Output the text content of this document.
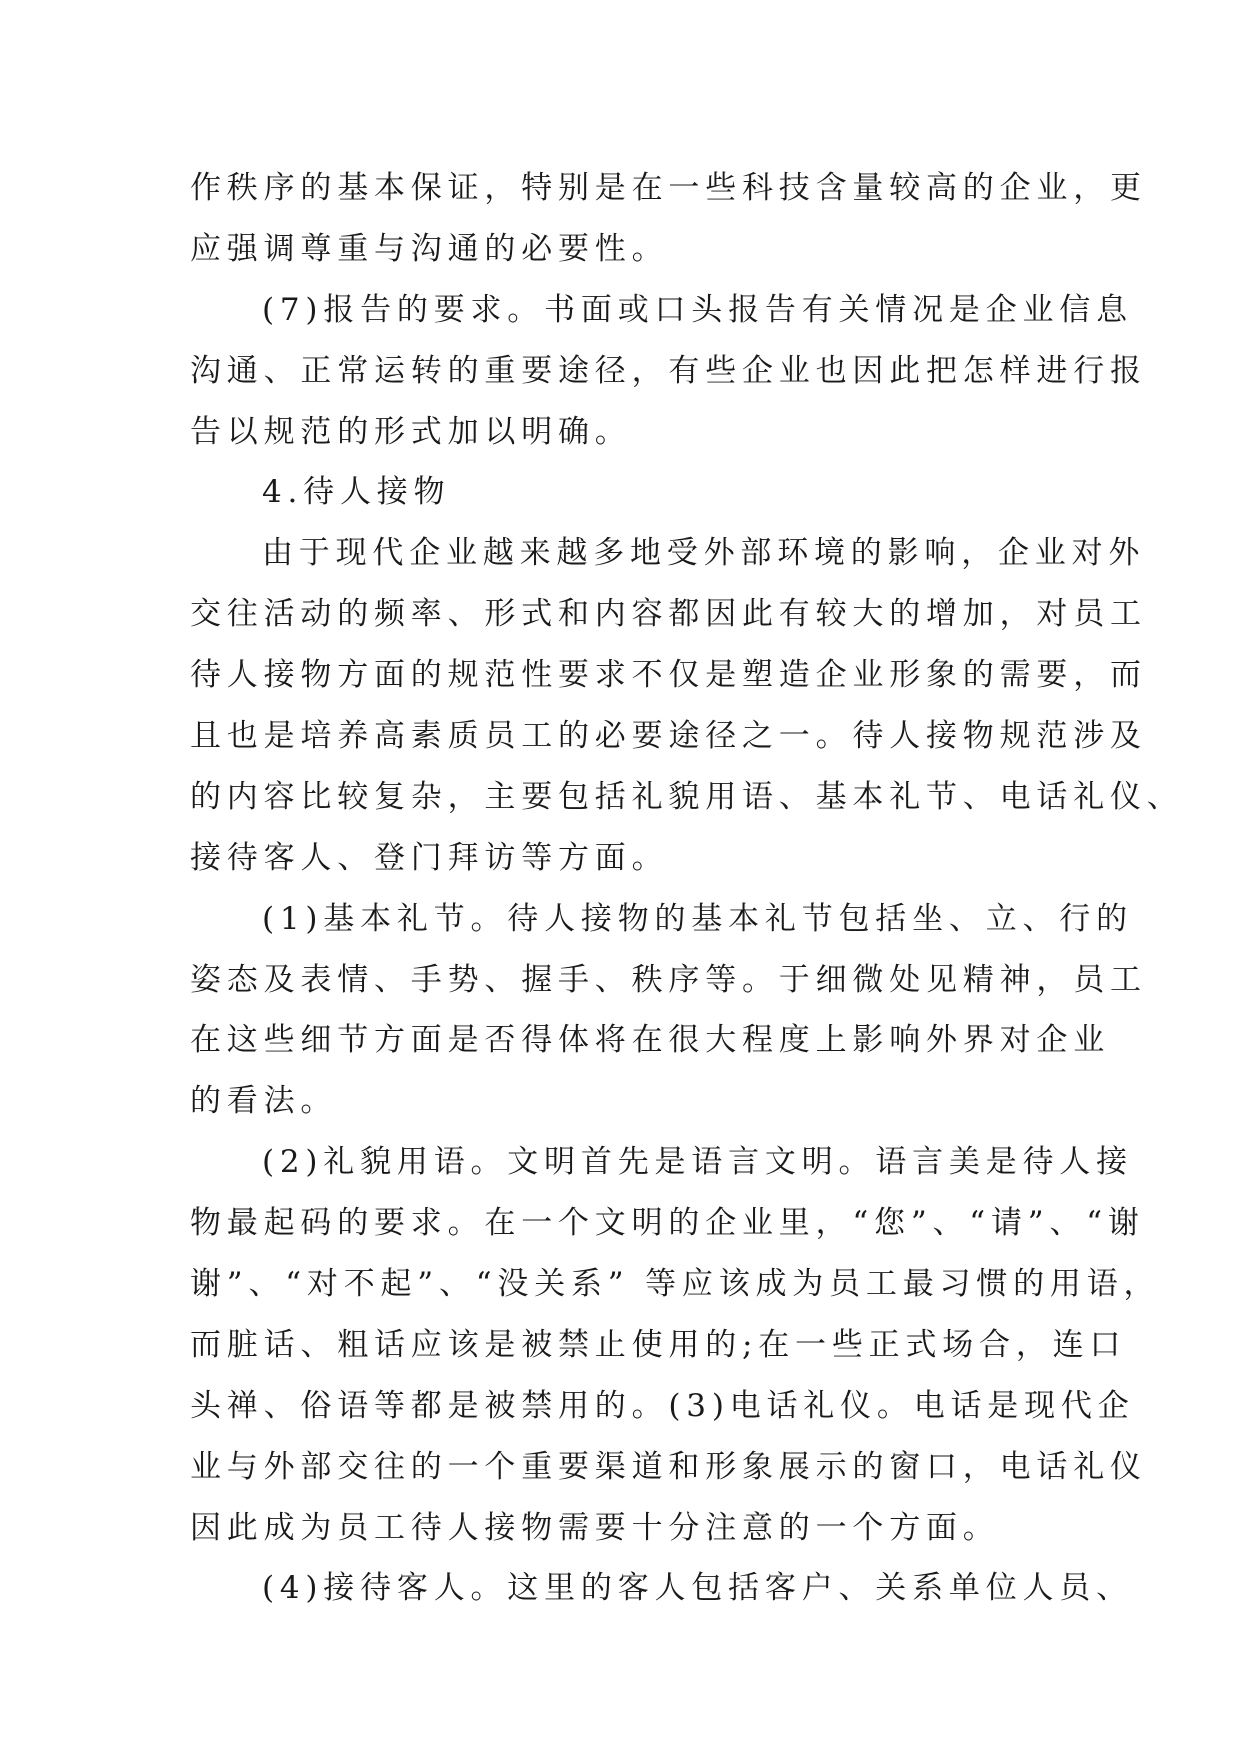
作秩序的基本保证，特别是在一些科技含量较高的企业，更
应强调尊重与沟通的必要性。
(7)报告的要求。书面或口头报告有关情况是企业信息
沟通、正常运转的重要途径，有些企业也因此把怎样进行报
告以规范的形式加以明确。
4.待人接物
由于现代企业越来越多地受外部环境的影响，企业对外
交往活动的频率、形式和内容都因此有较大的增加，对员工
待人接物方面的规范性要求不仅是塑造企业形象的需要，而
且也是培养高素质员工的必要途径之一。待人接物规范涉及
的内容比较复杂，主要包括礼貌用语、基本礼节、电话礼仪、
接待客人、登门拜访等方面。
(1)基本礼节。待人接物的基本礼节包括坐、立、行的
姿态及表情、手势、握手、秩序等。于细微处见精神，员工
在这些细节方面是否得体将在很大程度上影响外界对企业
的看法。
(2)礼貌用语。文明首先是语言文明。语言美是待人接
物最起码的要求。在一个文明的企业里，“您”、“请”、“谢
谢”、“对不起”、“没关系” 等应该成为员工最习惯的用语，
而脏话、粗话应该是被禁止使用的;在一些正式场合，连口
头禅、俗语等都是被禁用的。(3)电话礼仪。电话是现代企
业与外部交往的一个重要渠道和形象展示的窗口，电话礼仪
因此成为员工待人接物需要十分注意的一个方面。
(4)接待客人。这里的客人包括客户、关系单位人员、
